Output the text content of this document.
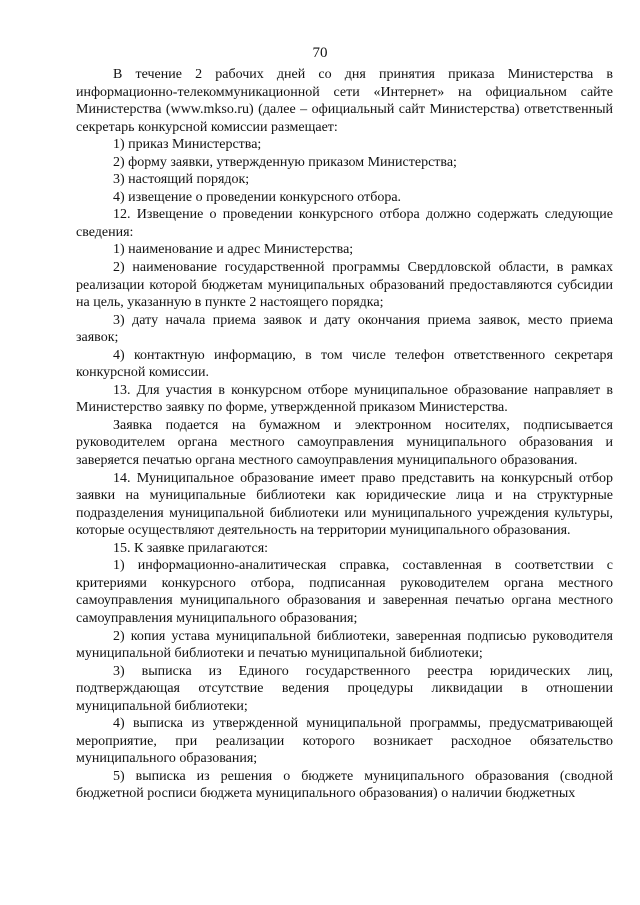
70

В течение 2 рабочих дней со дня принятия приказа Министерства в информационно-телекоммуникационной сети «Интернет» на официальном сайте Министерства (www.mkso.ru) (далее – официальный сайт Министерства) ответственный секретарь конкурсной комиссии размещает:

1) приказ Министерства;

2) форму заявки, утвержденную приказом Министерства;

3) настоящий порядок;

4) извещение о проведении конкурсного отбора.

12. Извещение о проведении конкурсного отбора должно содержать следующие сведения:

1) наименование и адрес Министерства;

2) наименование государственной программы Свердловской области, в рамках реализации которой бюджетам муниципальных образований предоставляются субсидии на цель, указанную в пункте 2 настоящего порядка;

3) дату начала приема заявок и дату окончания приема заявок, место приема заявок;

4) контактную информацию, в том числе телефон ответственного секретаря конкурсной комиссии.

13. Для участия в конкурсном отборе муниципальное образование направляет в Министерство заявку по форме, утвержденной приказом Министерства.

Заявка подается на бумажном и электронном носителях, подписывается руководителем органа местного самоуправления муниципального образования и заверяется печатью органа местного самоуправления муниципального образования.

14. Муниципальное образование имеет право представить на конкурсный отбор заявки на муниципальные библиотеки как юридические лица и на структурные подразделения муниципальной библиотеки или муниципального учреждения культуры, которые осуществляют деятельность на территории муниципального образования.

15. К заявке прилагаются:

1) информационно-аналитическая справка, составленная в соответствии с критериями конкурсного отбора, подписанная руководителем органа местного самоуправления муниципального образования и заверенная печатью органа местного самоуправления муниципального образования;

2) копия устава муниципальной библиотеки, заверенная подписью руководителя муниципальной библиотеки и печатью муниципальной библиотеки;

3) выписка из Единого государственного реестра юридических лиц, подтверждающая отсутствие ведения процедуры ликвидации в отношении муниципальной библиотеки;

4) выписка из утвержденной муниципальной программы, предусматривающей мероприятие, при реализации которого возникает расходное обязательство муниципального образования;

5) выписка из решения о бюджете муниципального образования (сводной бюджетной росписи бюджета муниципального образования) о наличии бюджетных
